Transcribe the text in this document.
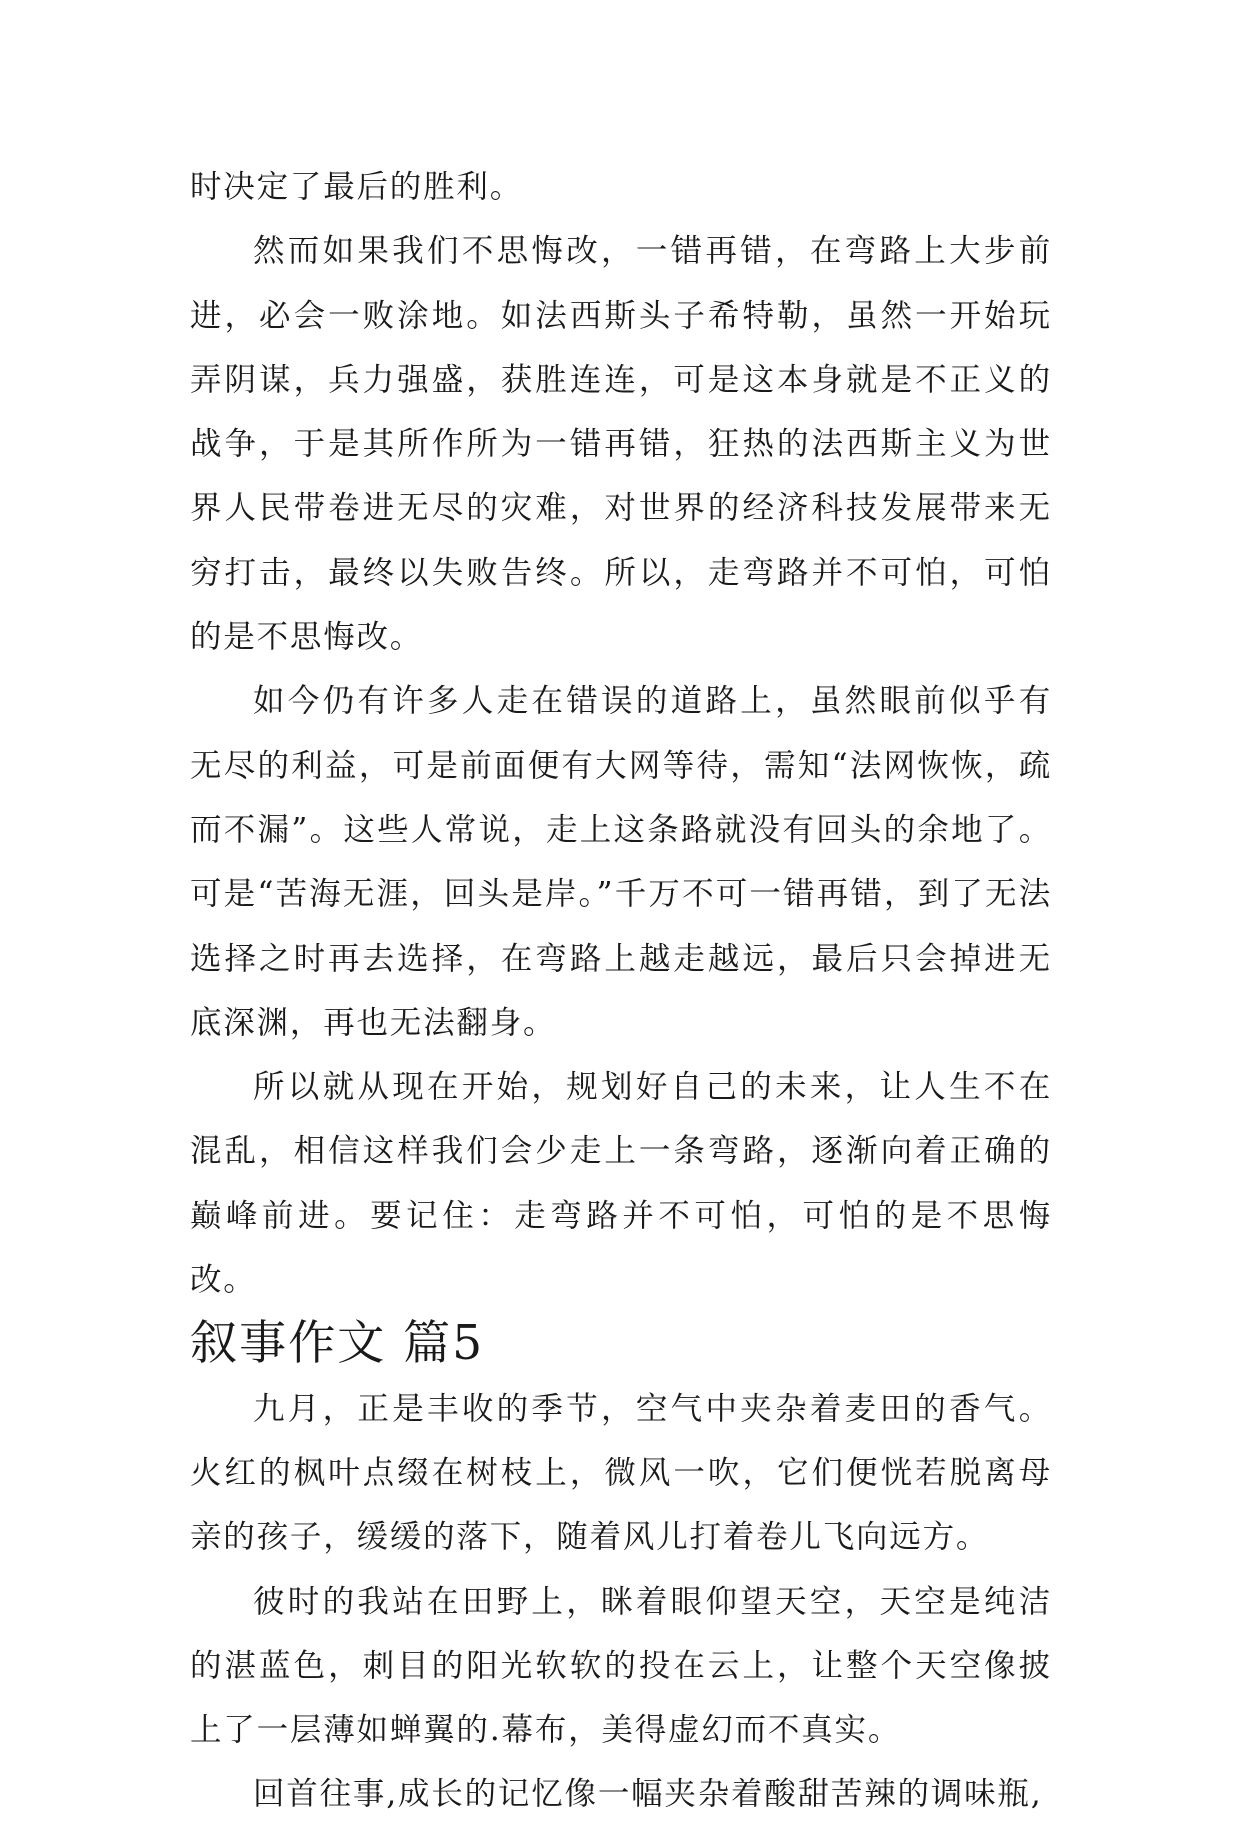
时决定了最后的胜利。

然而如果我们不思悔改，一错再错，在弯路上大步前进，必会一败涂地。如法西斯头子希特勒，虽然一开始玩弄阴谋，兵力强盛，获胜连连，可是这本身就是不正义的战争，于是其所作所为一错再错，狂热的法西斯主义为世界人民带卷进无尽的灾难，对世界的经济科技发展带来无穷打击，最终以失败告终。所以，走弯路并不可怕，可怕的是不思悔改。

如今仍有许多人走在错误的道路上，虽然眼前似乎有无尽的利益，可是前面便有大网等待，需知“法网恢恢，疏而不漏”。这些人常说，走上这条路就没有回头的余地了。可是“苦海无涯，回头是岸。”千万不可一错再错，到了无法选择之时再去选择，在弯路上越走越远，最后只会掉进无底深渊，再也无法翻身。

所以就从现在开始，规划好自己的未来，让人生不在混乱，相信这样我们会少走上一条弯路，逐渐向着正确的巅峰前进。要记住：走弯路并不可怕，可怕的是不思悔改。

叙事作文 篇5

九月，正是丰收的季节，空气中夹杂着麦田的香气。火红的枫叶点缀在树枝上，微风一吹，它们便恍若脱离母亲的孩子，缓缓的落下，随着风儿打着卷儿飞向远方。

彼时的我站在田野上，眯着眼仰望天空，天空是纯洁的湛蓝色，刺目的阳光软软的投在云上，让整个天空像披上了一层薄如蝉翼的.幕布，美得虚幻而不真实。

回首往事,成长的记忆像一幅夹杂着酸甜苦辣的调味瓶,
